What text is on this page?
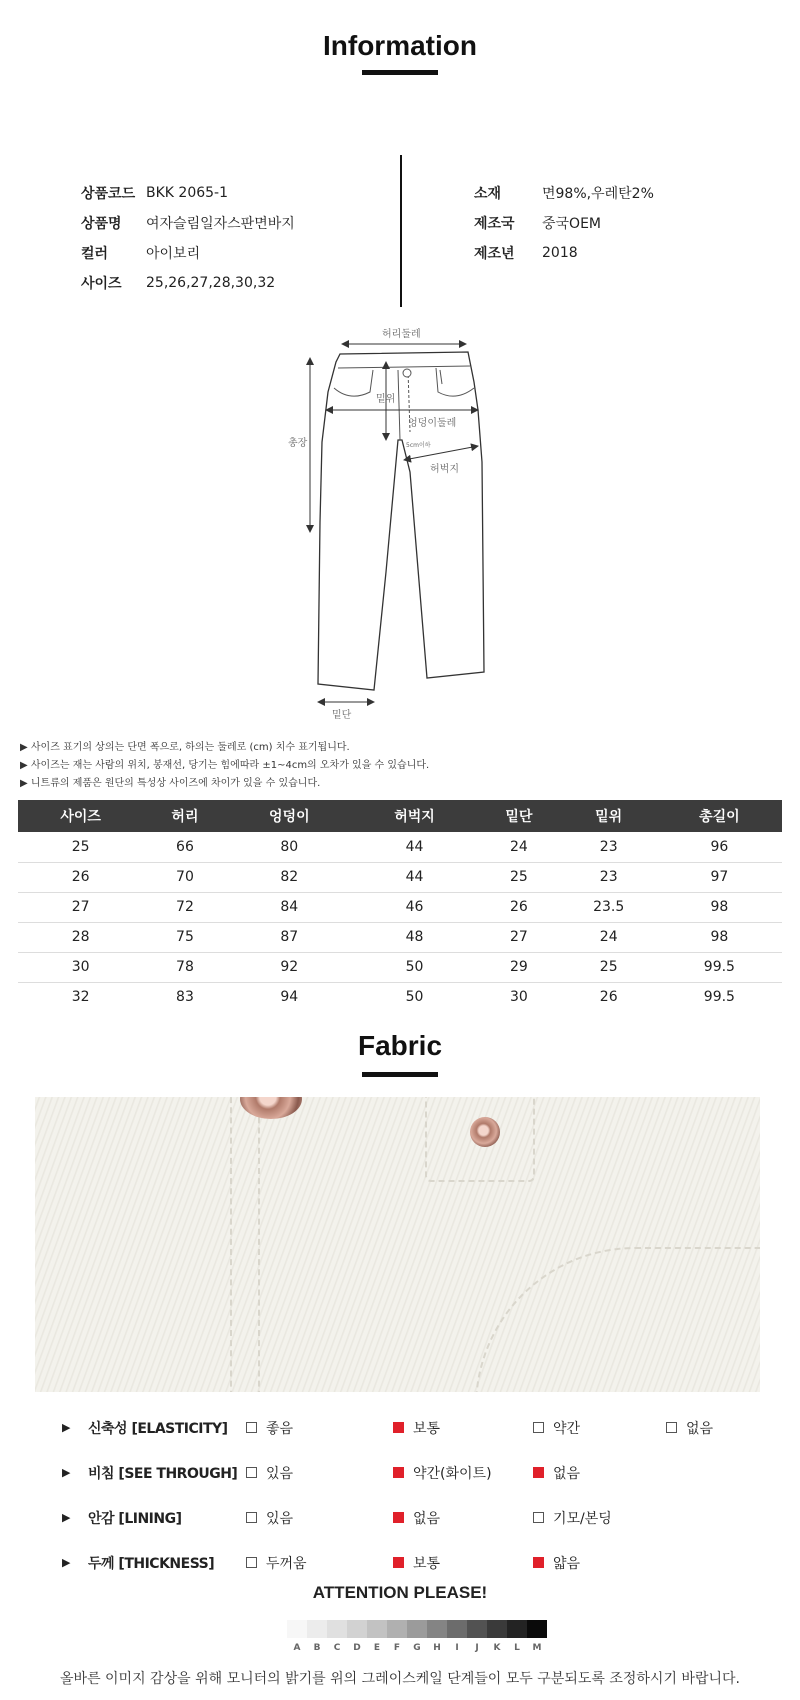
Information
상품코드 BKK 2065-1
상품명	여자슬림일자스판면바지
컬러	아이보리
사이즈	25,26,27,28,30,32
소재	면98%,우레탄2%
제조국	중국OEM
제조년	2018
허리둘레
밑위
총장
엉덩이둘레
허벅지
밑단
5cm이하
▶ 사이즈 표기의 상의는 단면 폭으로, 하의는 둘레로 (cm) 치수 표기됩니다.
▶ 사이즈는 재는 사람의 위치, 봉재선, 당기는 힘에따라 ±1~4cm의 오차가 있을 수 있습니다.
▶ 니트류의 제품은 원단의 특성상 사이즈에 차이가 있을 수 있습니다.
사이즈	허리	엉덩이	허벅지	밑단	밑위	총길이
25	66	80	44	24	23	96
26	70	82	44	25	23	97
27	72	84	46	26	23.5	98
28	75	87	48	27	24	98
30	78	92	50	29	25	99.5
32	83	94	50	30	26	99.5
Fabric
▶	신축성 [ELASTICITY]	좋음	보통	약간	없음
▶	비침 [SEE THROUGH]	있음	약간(화이트)	없음
▶	안감 [LINING]	있음	없음	기모/본딩
▶	두께 [THICKNESS]	두꺼움	보통	얇음
ATTENTION PLEASE!
A	B	C	D	E	F	G	H	I	J	K	L	M
올바른 이미지 감상을 위해 모니터의 밝기를 위의 그레이스케일 단계들이 모두 구분되도록 조정하시기 바랍니다.
